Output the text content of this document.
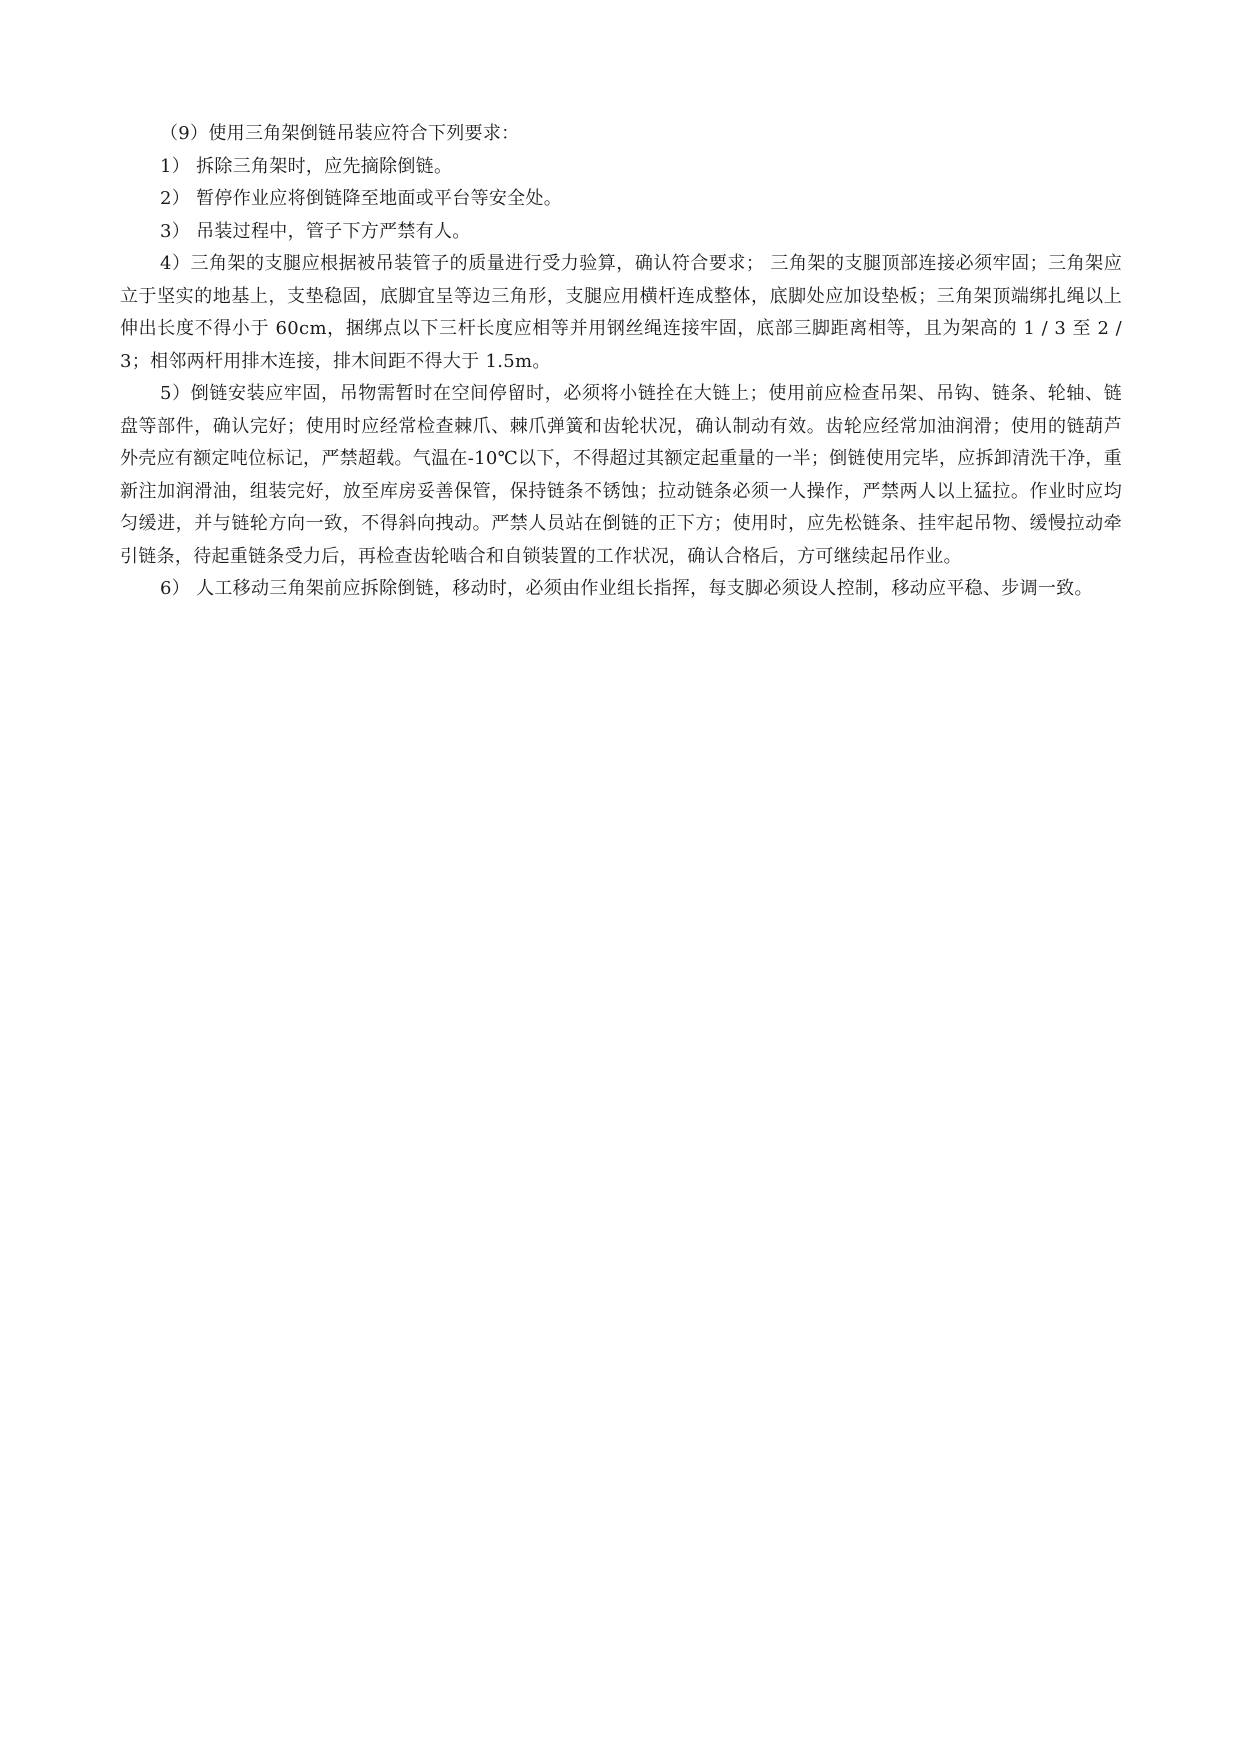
（9）使用三角架倒链吊装应符合下列要求：

1） 拆除三角架时，应先摘除倒链。

2） 暂停作业应将倒链降至地面或平台等安全处。

3） 吊装过程中，管子下方严禁有人。

4）三角架的支腿应根据被吊装管子的质量进行受力验算，确认符合要求； 三角架的支腿顶部连接必须牢固；三角架应立于坚实的地基上，支垫稳固，底脚宜呈等边三角形，支腿应用横杆连成整体，底脚处应加设垫板；三角架顶端绑扎绳以上伸出长度不得小于 60cm，捆绑点以下三杆长度应相等并用钢丝绳连接牢固，底部三脚距离相等，且为架高的 1 / 3 至 2 / 3；相邻两杆用排木连接，排木间距不得大于 1.5m。

5）倒链安装应牢固，吊物需暂时在空间停留时，必须将小链拴在大链上；使用前应检查吊架、吊钩、链条、轮轴、链盘等部件，确认完好；使用时应经常检查棘爪、棘爪弹簧和齿轮状况，确认制动有效。齿轮应经常加油润滑；使用的链葫芦外壳应有额定吨位标记，严禁超载。气温在-10℃以下，不得超过其额定起重量的一半；倒链使用完毕，应拆卸清洗干净，重新注加润滑油，组装完好，放至库房妥善保管，保持链条不锈蚀；拉动链条必须一人操作，严禁两人以上猛拉。作业时应均匀缓进，并与链轮方向一致，不得斜向拽动。严禁人员站在倒链的正下方；使用时，应先松链条、挂牢起吊物、缓慢拉动牵引链条，待起重链条受力后，再检查齿轮啮合和自锁装置的工作状况，确认合格后，方可继续起吊作业。

6） 人工移动三角架前应拆除倒链，移动时，必须由作业组长指挥，每支脚必须设人控制，移动应平稳、步调一致。
